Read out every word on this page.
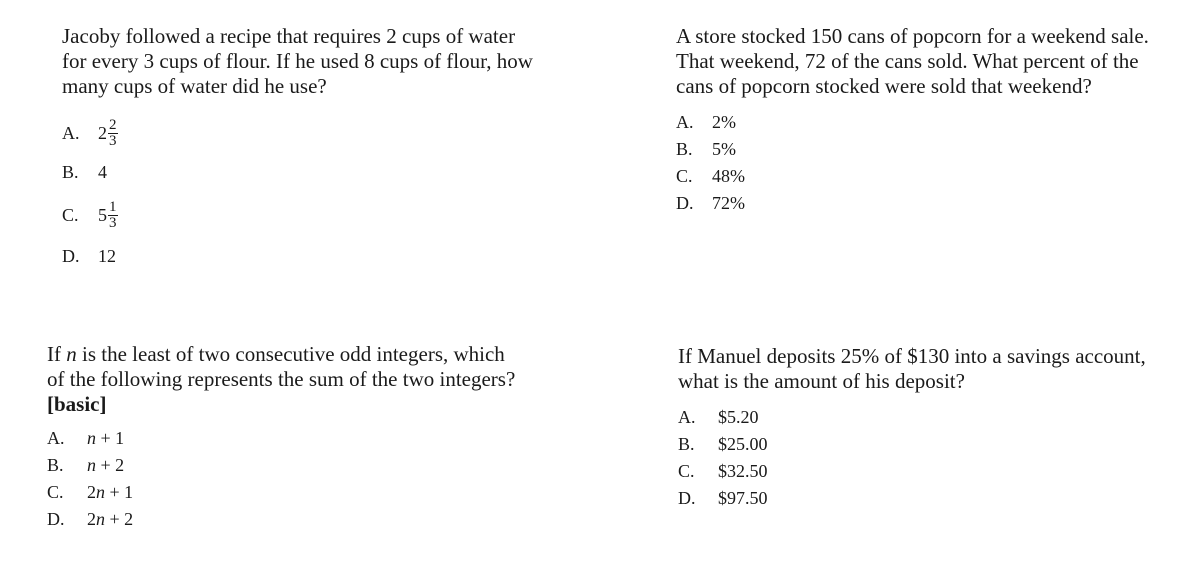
Jacoby followed a recipe that requires 2 cups of water
for every 3 cups of flour. If he used 8 cups of flour, how
many cups of water did he use?
A.	$2 \frac{2}{3}$
B.	4
C.	$5 \frac{1}{3}$
D.	12
A store stocked 150 cans of popcorn for a weekend sale.
That weekend, 72 of the cans sold. What percent of the
cans of popcorn stocked were sold that weekend?
A.	2%
B.	5%
C.	48%
D.	72%
If n is the least of two consecutive odd integers, which
of the following represents the sum of the two integers?
[basic]
A.	n + 1
B.	n + 2
C.	2 n + 1
D.	2 n + 2
If Manuel deposits 25% of $130 into a savings account,
what is the amount of his deposit?
A.	$5.20
B.	$25.00
C.	$32.50
D.	$97.50
